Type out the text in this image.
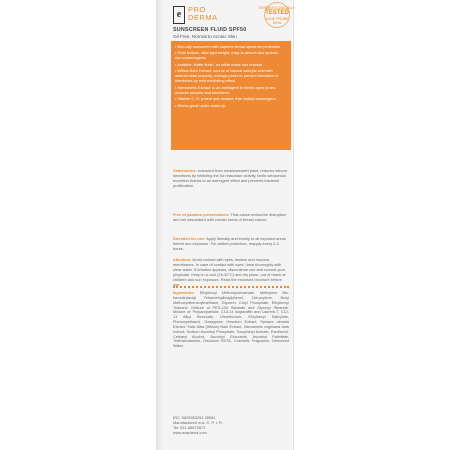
e PRO
DERMA
DERMATOLOGICALLY
TESTED
ACNE PRONE SKIN
SUNSCREEN FLUID SPF50
Oil Free, Normal to Acneic Skin

• Non-oily sunscreen with superior broad spectrum protection

• Fluid texture, ultra light weight, easy to absorb and spread, non-comedogenic

• Invisible, Matte finish, no white mask and residue

• Willow Bark Extract: source of natural salicylic acid with antimicrobial property, unclogs pores to prevent formation of blemishes by mild exfoliating effect

• Hamamelis Extract: is an astringent to shrink open pores, reduces pimples and blemishes

• Vitamin C, E: potent anti-oxidant, free radical scavengers

• Works great under make up

Sebumorine: extracted from meadowsweet plant, reduces sebum secretions by inhibiting the 5α reductase activity, limits sebaceous excretion thanks to an astringent effect and prevents bacterial proliferation.

Free of paraben preservatives: That cause endocrine disruption and are associated with certain forms of breast cancer.

Direction for use: Apply liberally and evenly to all exposed areas before sun exposure. For added protection, reapply every 2-4 hours.

Attention: Avoid contact with eyes, lesions and mucous membranes. In case of contact with eyes, rinse thoroughly with clear water. If irritation appears, discontinue use and consult your physician. Keep in a cool (15-30°C) and dry place, out of reach of children and sun exposure. Read the enclosed brochure before use.

Ingredients: Ethylhexyl Methoxycinnamate, Methylene Bis-benzotriazolyl Tetramethylbutylphenol, Octocrylene, Butyl Methoxydibenzoylmethane, Glycerin, Cetyl Phosphate, Ethylhexyl Triazone, Mixture of PEG-100 Stearate and Glyceryl Stearate, Mixture of: Polyacrylamide, C13-14 Isoparaffin and Laureth-7, C12-13 Alkyl Benzoate, Dimethicone, Ethylhexyl Salicylate, Phenoxyethanol, Gossypium Hirsutum Extract, Spiraea ulmaria Extract, Salix Alba (Willow) Bark Extract, Hamamelis virginiana bark extract, Sodium Ascorbyl Phosphate, Tocopheryl Acetate, Panthenol, Cetearyl Alcohol, Ascorbyl Glucoside, Ascorbyl Palmitate, Triethanolamine, Disodium EDTA, Cosmetic Fragrance, Deionized Water.
IRC: 9825953291 28061
Manufactured in A. C. P. I. R.
Tel: 021-88670873
www.arachemi.com
